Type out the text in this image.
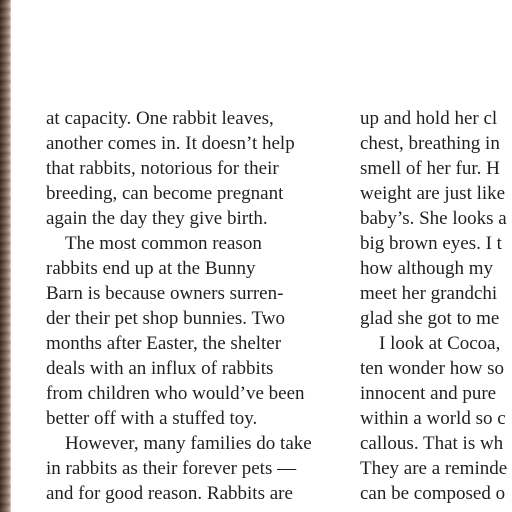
at capacity. One rabbit leaves,
another comes in. It doesn’t help
that rabbits, notorious for their
breeding, can become pregnant
again the day they give birth.
The most common reason
rabbits end up at the Bunny
Barn is because owners surren-
der their pet shop bunnies. Two
months after Easter, the shelter
deals with an influx of rabbits
from children who would’ve been
better off with a stuffed toy.
However, many families do take
in rabbits as their forever pets —
and for good reason. Rabbits are
up and hold her cl
chest, breathing in
smell of her fur. H
weight are just like
baby’s. She looks a
big brown eyes. I t
how although my
meet her grandchi
glad she got to me
I look at Cocoa,
ten wonder how so
innocent and pure
within a world so c
callous. That is wh
They are a reminde
can be composed o
